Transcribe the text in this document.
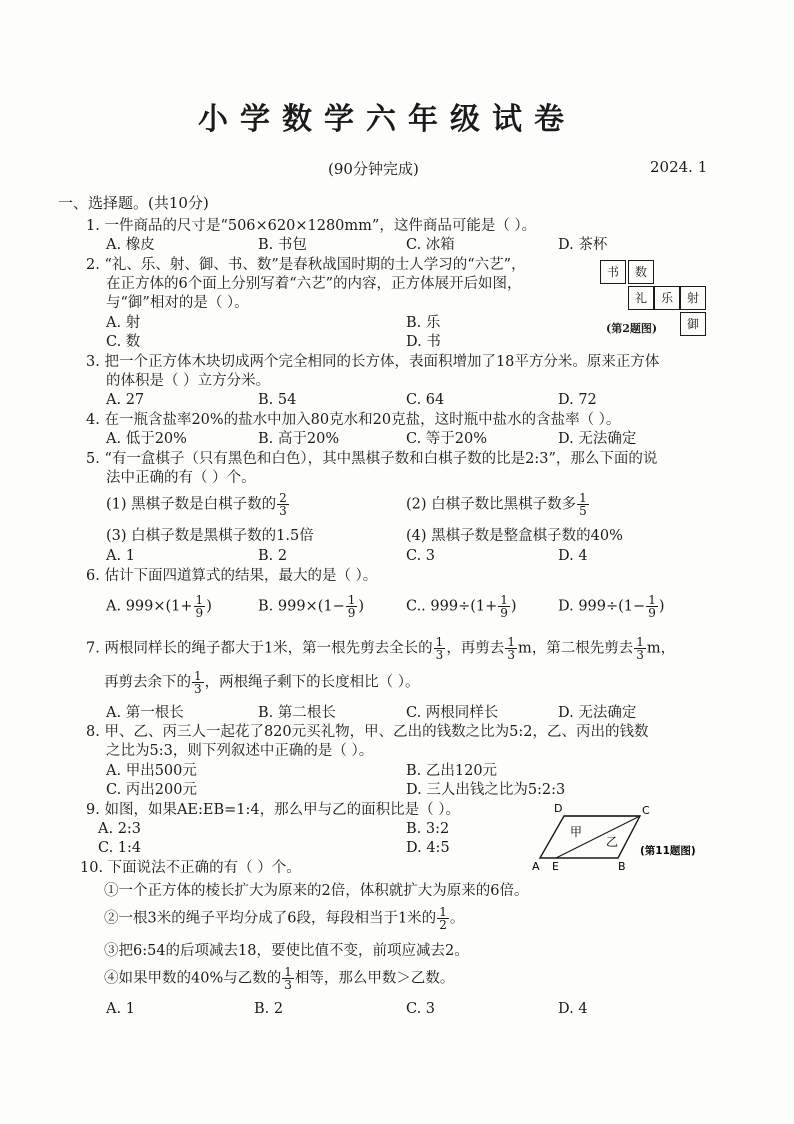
小学数学六年级试卷
(90分钟完成)	2024. 1
一、选择题。(共10分)
1. 一件商品的尺寸是“506×620×1280mm”，这件商品可能是（ ）。
A. 橡皮	B. 书包	C. 冰箱	D. 茶杯
2. “礼、乐、射、御、书、数”是春秋战国时期的士人学习的“六艺”，
在正方体的6个面上分别写着“六艺”的内容，正方体展开后如图，
与“御”相对的是（ ）。
A. 射	B. 乐
C. 数	D. 书
书	数
礼	乐	射
御
(第2题图)
3. 把一个正方体木块切成两个完全相同的长方体，表面积增加了18平方分米。原来正方体
的体积是（ ）立方分米。
A. 27	B. 54	C. 64	D. 72
4. 在一瓶含盐率20%的盐水中加入80克水和20克盐，这时瓶中盐水的含盐率（ ）。
A. 低于20%	B. 高于20%	C. 等于20%	D. 无法确定
5. “有一盒棋子（只有黑色和白色），其中黑棋子数和白棋子数的比是2:3”，那么下面的说
法中正确的有（ ）个。
(1) 黑棋子数是白棋子数的 $\frac{2}{3}$	(2) 白棋子数比黑棋子数多 $\frac{1}{5}$
(3) 白棋子数是黑棋子数的1.5倍	(4) 黑棋子数是整盒棋子数的40%
A. 1	B. 2	C. 3	D. 4
6. 估计下面四道算式的结果，最大的是（ ）。
A. $999\times(1+ \frac{1}{9}$ )	B. $999\times(1- \frac{1}{9}$ )	C.. $999\div(1+ \frac{1}{9}$ )	D. $999\div(1- \frac{1}{9}$ )
7. 两根同样长的绳子都大于1米，第一根先剪去全长的 $\frac{1}{3}$ ，再剪去 $\frac{1}{3}$ m，第二根先剪去 $\frac{1}{3}$ m，
再剪去余下的 $\frac{1}{3}$ ，两根绳子剩下的长度相比（ ）。
A. 第一根长	B. 第二根长	C. 两根同样长	D. 无法确定
8. 甲、乙、丙三人一起花了820元买礼物，甲、乙出的钱数之比为5:2，乙、丙出的钱数
之比为5:3，则下列叙述中正确的是（ ）。
A. 甲出500元	B. 乙出120元
C. 丙出200元	D. 三人出钱之比为5:2:3
9. 如图，如果AE:EB=1:4，那么甲与乙的面积比是（ ）。
A. 2:3	B. 3:2
C. 1:4	D. 4:5
A	B
C
D
E
甲
乙
(第11题图)
10. 下面说法不正确的有（ ）个。
①一个正方体的棱长扩大为原来的2倍，体积就扩大为原来的6倍。
②一根3米的绳子平均分成了6段，每段相当于1米的 $\frac{1}{2}$ 。
③把6:54的后项减去18，要使比值不变，前项应减去2。
④如果甲数的40%与乙数的 $\frac{1}{3}$ 相等，那么甲数＞乙数。
A. 1	B. 2	C. 3	D. 4
